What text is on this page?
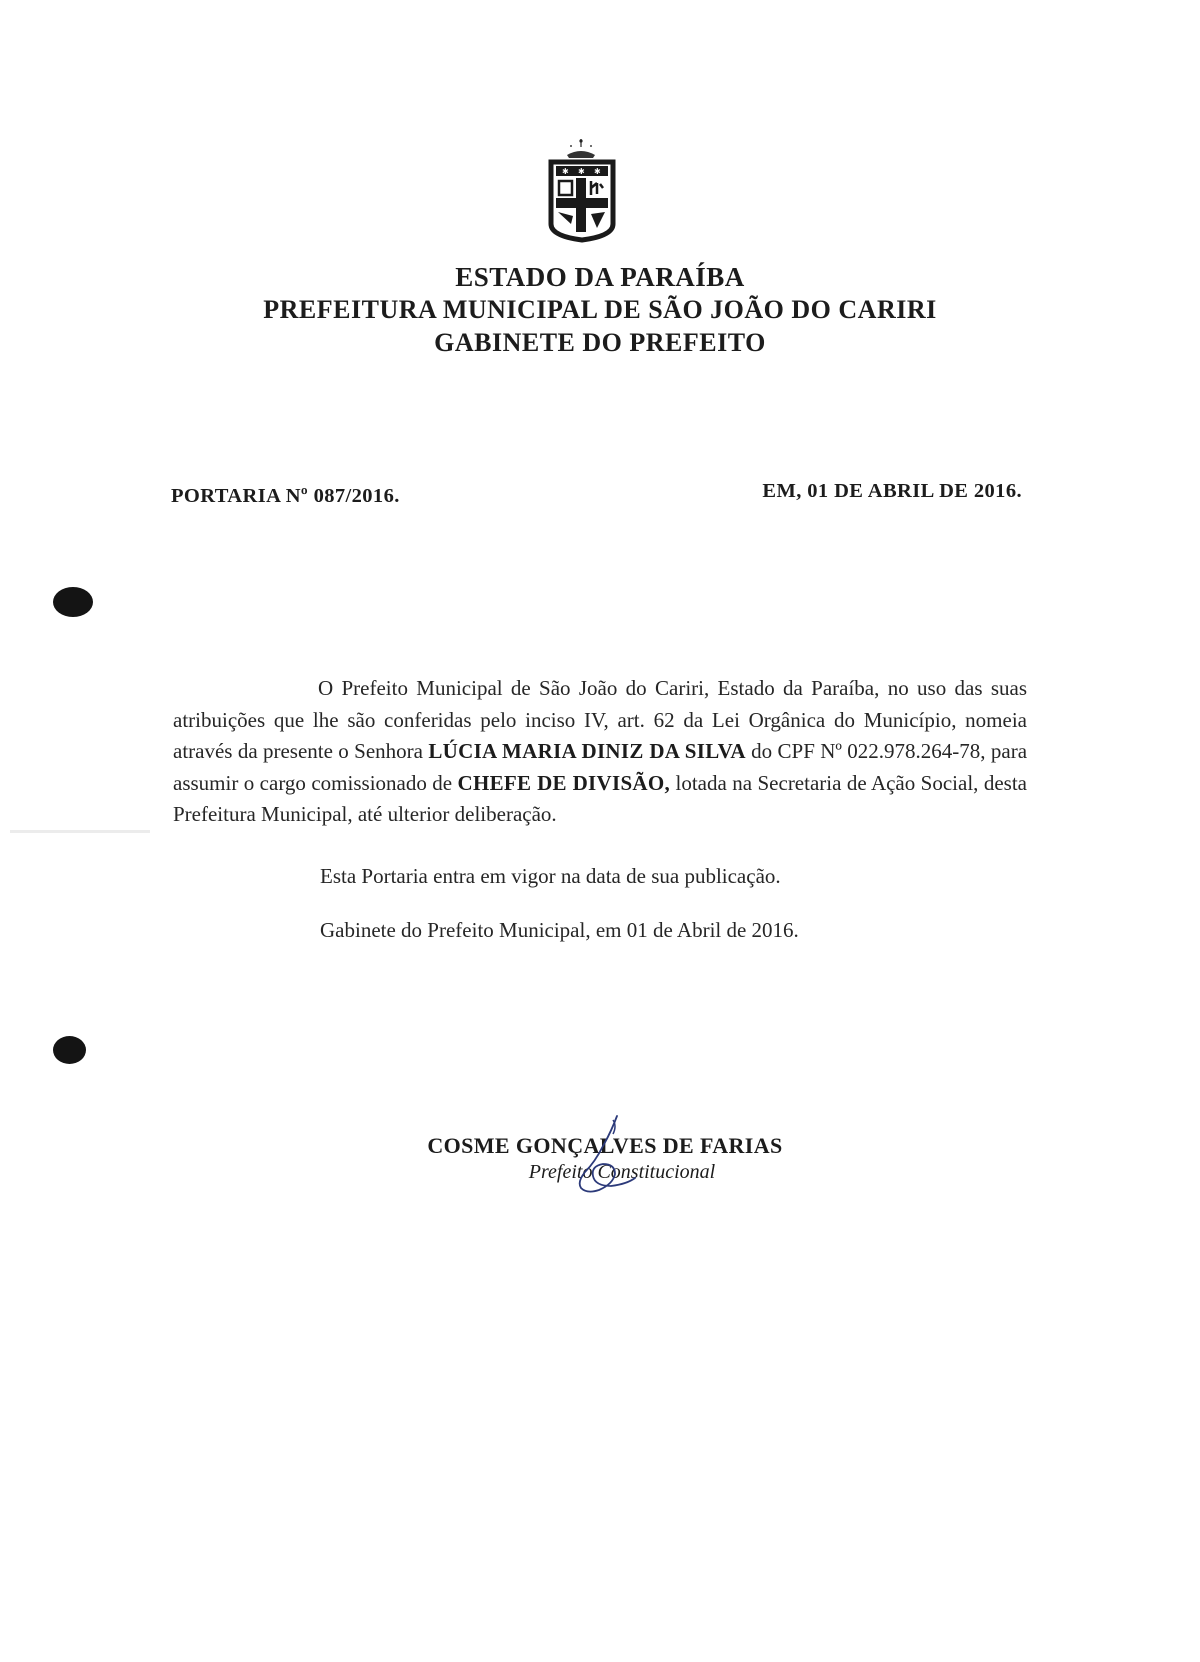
✱ ✱ ✱
ESTADO DA PARAÍBA
PREFEITURA MUNICIPAL DE SÃO JOÃO DO CARIRI
GABINETE DO PREFEITO
PORTARIA Nº 087/2016.	EM, 01 DE ABRIL DE 2016.
O Prefeito Municipal de São João do Cariri, Estado da Paraíba, no uso das suas atribuições que lhe são conferidas pelo inciso IV, art. 62 da Lei Orgânica do Município, nomeia através da presente o Senhora LÚCIA MARIA DINIZ DA SILVA do CPF Nº 022.978.264-78, para assumir o cargo comissionado de CHEFE DE DIVISÃO, lotada na Secretaria de Ação Social, desta Prefeitura Municipal, até ulterior deliberação.
Esta Portaria entra em vigor na data de sua publicação.
Gabinete do Prefeito Municipal, em 01 de Abril de 2016.
COSME GONÇALVES DE FARIAS
Prefeito Constitucional
